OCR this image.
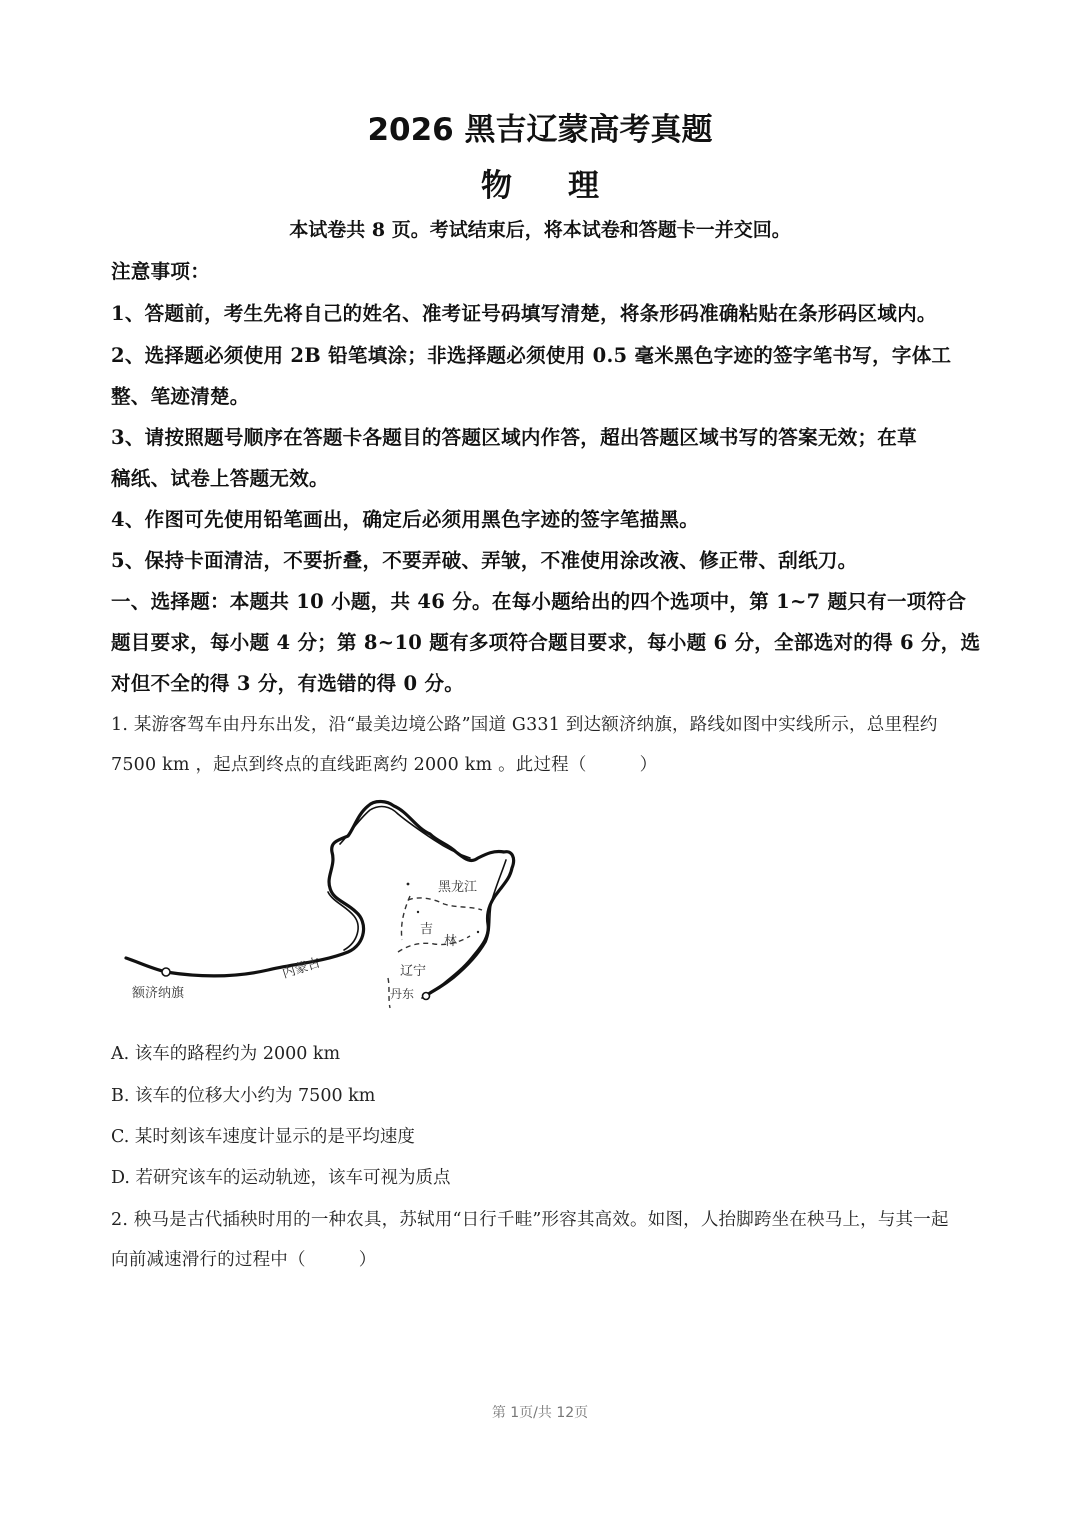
2026 黑吉辽蒙高考真题
物理
本试卷共 8 页。考试结束后，将本试卷和答题卡一并交回。
注意事项：
1、答题前，考生先将自己的姓名、准考证号码填写清楚，将条形码准确粘贴在条形码区域内。
2、选择题必须使用 2B 铅笔填涂；非选择题必须使用 0.5 毫米黑色字迹的签字笔书写，字体工
整、笔迹清楚。
3、请按照题号顺序在答题卡各题目的答题区域内作答，超出答题区域书写的答案无效；在草
稿纸、试卷上答题无效。
4、作图可先使用铅笔画出，确定后必须用黑色字迹的签字笔描黑。
5、保持卡面清洁，不要折叠，不要弄破、弄皱，不准使用涂改液、修正带、刮纸刀。
一、选择题：本题共 10 小题，共 46 分。在每小题给出的四个选项中，第 1~7 题只有一项符合
题目要求，每小题 4 分；第 8~10 题有多项符合题目要求，每小题 6 分，全部选对的得 6 分，选
对但不全的得 3 分，有选错的得 0 分。
1. 某游客驾车由丹东出发，沿“最美边境公路”国道 G331 到达额济纳旗，路线如图中实线所示，总里程约
7500 km ，起点到终点的直线距离约 2000 km 。此过程（　　　）
黑龙江
吉
林
辽宁
内蒙古
额济纳旗	丹东
A. 该车的路程约为 2000 km
B. 该车的位移大小约为 7500 km
C. 某时刻该车速度计显示的是平均速度
D. 若研究该车的运动轨迹，该车可视为质点
2. 秧马是古代插秧时用的一种农具，苏轼用“日行千畦”形容其高效。如图，人抬脚跨坐在秧马上，与其一起
向前减速滑行的过程中（　　　）
第 1页/共 12页
